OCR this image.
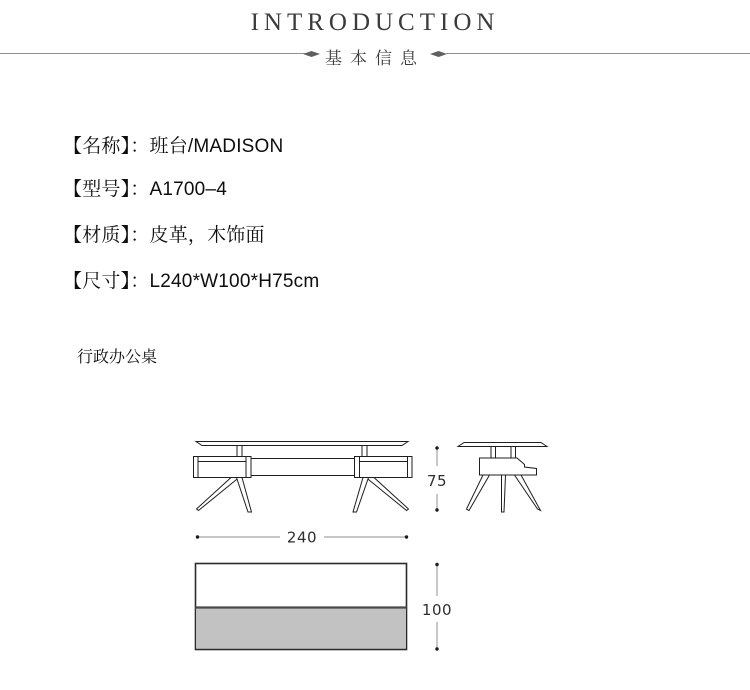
INTRODUCTION
基本信息
【名称】：班台/MADISON
【型号】：A1700–4
【材质】：皮革，木饰面
【尺寸】：L240*W100*H75cm
行政办公桌
75
240
100
